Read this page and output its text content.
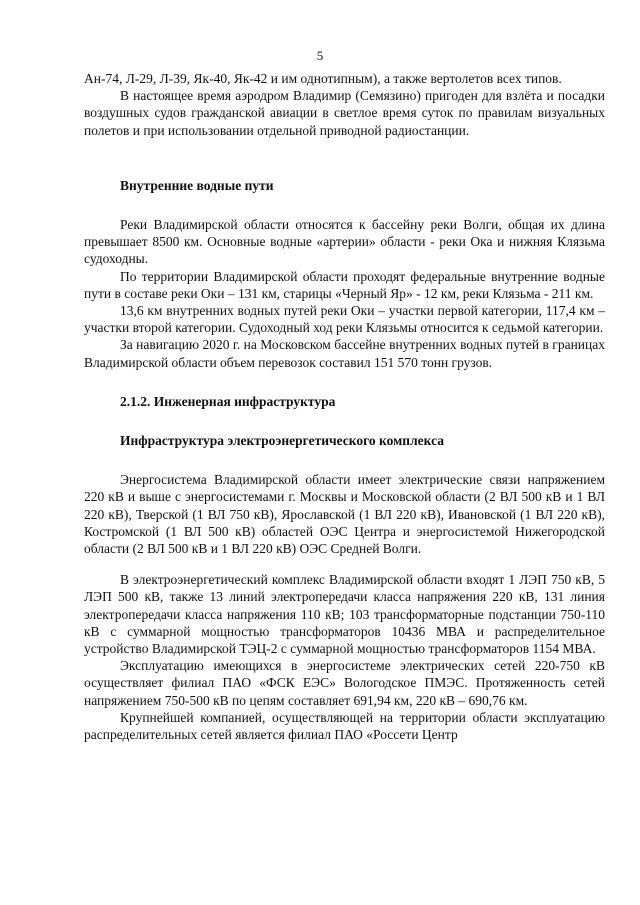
5

Ан-74, Л-29, Л-39, Як-40, Як-42 и им однотипным), а также вертолетов всех типов.

В настоящее время аэродром Владимир (Семязино) пригоден для взлёта и посадки воздушных судов гражданской авиации в светлое время суток по правилам визуальных полетов и при использовании отдельной приводной радиостанции.

Внутренние водные пути

Реки Владимирской области относятся к бассейну реки Волги, общая их длина превышает 8500 км. Основные водные «артерии» области - реки Ока и нижняя Клязьма судоходны.

По территории Владимирской области проходят федеральные внутренние водные пути в составе реки Оки – 131 км, старицы «Черный Яр» - 12 км, реки Клязьма - 211 км.

13,6 км внутренних водных путей реки Оки – участки первой категории, 117,4 км – участки второй категории. Судоходный ход реки Клязьмы относится к седьмой категории.

За навигацию 2020 г. на Московском бассейне внутренних водных путей в границах Владимирской области объем перевозок составил 151 570 тонн грузов.

2.1.2. Инженерная инфраструктура

Инфраструктура электроэнергетического комплекса

Энергосистема Владимирской области имеет электрические связи напряжением 220 кВ и выше с энергосистемами г. Москвы и Московской области (2 ВЛ 500 кВ и 1 ВЛ 220 кВ), Тверской (1 ВЛ 750 кВ), Ярославской (1 ВЛ 220 кВ), Ивановской (1 ВЛ 220 кВ), Костромской (1 ВЛ 500 кВ) областей ОЭС Центра и энергосистемой Нижегородской области (2 ВЛ 500 кВ и 1 ВЛ 220 кВ) ОЭС Средней Волги.

В электроэнергетический комплекс Владимирской области входят 1 ЛЭП 750 кВ, 5 ЛЭП 500 кВ, также 13 линий электропередачи класса напряжения 220 кВ, 131 линия электропередачи класса напряжения 110 кВ; 103 трансформаторные подстанции 750-110 кВ с суммарной мощностью трансформаторов 10436 МВА и распределительное устройство Владимирской ТЭЦ-2 с суммарной мощностью трансформаторов 1154 МВА.

Эксплуатацию имеющихся в энергосистеме электрических сетей 220-750 кВ осуществляет филиал ПАО «ФСК ЕЭС» Вологодское ПМЭС. Протяженность сетей напряжением 750-500 кВ по цепям составляет 691,94 км, 220 кВ – 690,76 км.

Крупнейшей компанией, осуществляющей на территории области эксплуатацию распределительных сетей является филиал ПАО «Россети Центр
